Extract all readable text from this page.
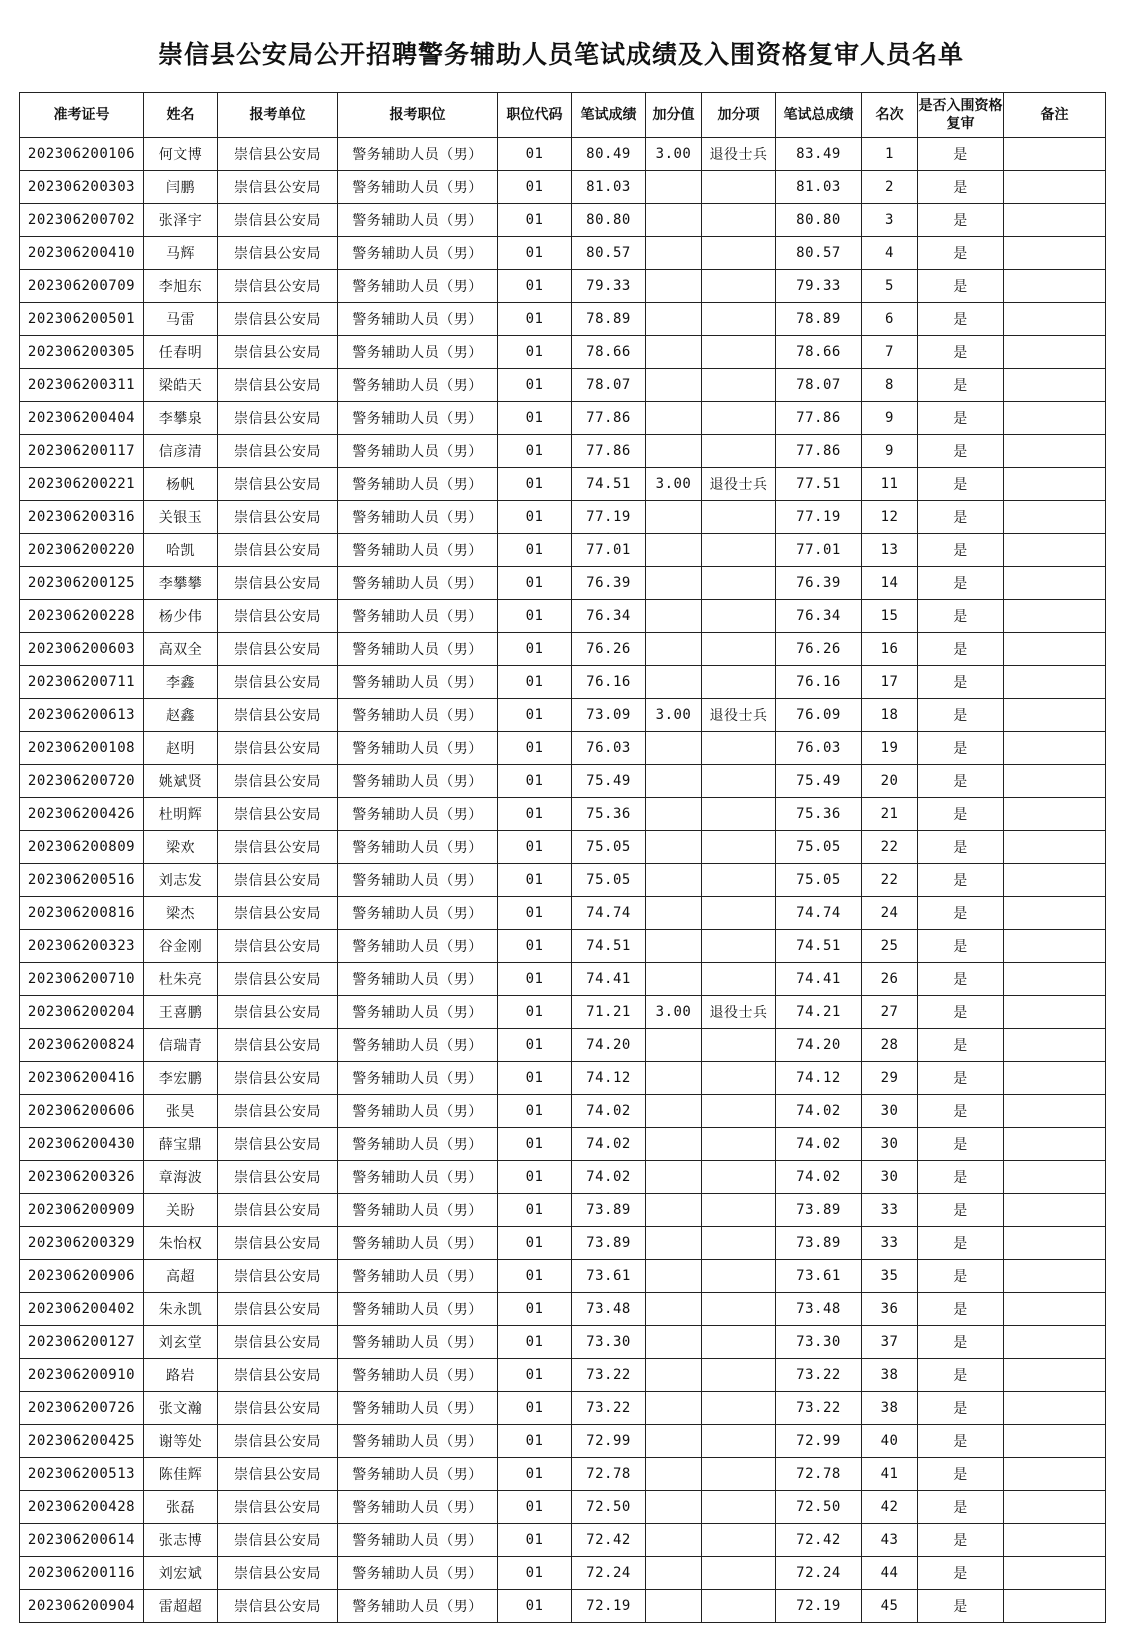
崇信县公安局公开招聘警务辅助人员笔试成绩及入围资格复审人员名单
准考证号	姓名	报考单位	报考职位	职位代码	笔试成绩	加分值	加分项	笔试总成绩	名次	是否入围资格复审	备注
202306200106	何文博	崇信县公安局	警务辅助人员（男）	01	80.49	3.00	退役士兵	83.49	1	是	
202306200303	闫鹏	崇信县公安局	警务辅助人员（男）	01	81.03			81.03	2	是	
202306200702	张泽宇	崇信县公安局	警务辅助人员（男）	01	80.80			80.80	3	是	
202306200410	马辉	崇信县公安局	警务辅助人员（男）	01	80.57			80.57	4	是	
202306200709	李旭东	崇信县公安局	警务辅助人员（男）	01	79.33			79.33	5	是	
202306200501	马雷	崇信县公安局	警务辅助人员（男）	01	78.89			78.89	6	是	
202306200305	任春明	崇信县公安局	警务辅助人员（男）	01	78.66			78.66	7	是	
202306200311	梁皓天	崇信县公安局	警务辅助人员（男）	01	78.07			78.07	8	是	
202306200404	李攀泉	崇信县公安局	警务辅助人员（男）	01	77.86			77.86	9	是	
202306200117	信彦清	崇信县公安局	警务辅助人员（男）	01	77.86			77.86	9	是	
202306200221	杨帆	崇信县公安局	警务辅助人员（男）	01	74.51	3.00	退役士兵	77.51	11	是	
202306200316	关银玉	崇信县公安局	警务辅助人员（男）	01	77.19			77.19	12	是	
202306200220	哈凯	崇信县公安局	警务辅助人员（男）	01	77.01			77.01	13	是	
202306200125	李攀攀	崇信县公安局	警务辅助人员（男）	01	76.39			76.39	14	是	
202306200228	杨少伟	崇信县公安局	警务辅助人员（男）	01	76.34			76.34	15	是	
202306200603	高双全	崇信县公安局	警务辅助人员（男）	01	76.26			76.26	16	是	
202306200711	李鑫	崇信县公安局	警务辅助人员（男）	01	76.16			76.16	17	是	
202306200613	赵鑫	崇信县公安局	警务辅助人员（男）	01	73.09	3.00	退役士兵	76.09	18	是	
202306200108	赵明	崇信县公安局	警务辅助人员（男）	01	76.03			76.03	19	是	
202306200720	姚斌贤	崇信县公安局	警务辅助人员（男）	01	75.49			75.49	20	是	
202306200426	杜明辉	崇信县公安局	警务辅助人员（男）	01	75.36			75.36	21	是	
202306200809	梁欢	崇信县公安局	警务辅助人员（男）	01	75.05			75.05	22	是	
202306200516	刘志发	崇信县公安局	警务辅助人员（男）	01	75.05			75.05	22	是	
202306200816	梁杰	崇信县公安局	警务辅助人员（男）	01	74.74			74.74	24	是	
202306200323	谷金刚	崇信县公安局	警务辅助人员（男）	01	74.51			74.51	25	是	
202306200710	杜朱亮	崇信县公安局	警务辅助人员（男）	01	74.41			74.41	26	是	
202306200204	王喜鹏	崇信县公安局	警务辅助人员（男）	01	71.21	3.00	退役士兵	74.21	27	是	
202306200824	信瑞青	崇信县公安局	警务辅助人员（男）	01	74.20			74.20	28	是	
202306200416	李宏鹏	崇信县公安局	警务辅助人员（男）	01	74.12			74.12	29	是	
202306200606	张昊	崇信县公安局	警务辅助人员（男）	01	74.02			74.02	30	是	
202306200430	薛宝鼎	崇信县公安局	警务辅助人员（男）	01	74.02			74.02	30	是	
202306200326	章海波	崇信县公安局	警务辅助人员（男）	01	74.02			74.02	30	是	
202306200909	关盼	崇信县公安局	警务辅助人员（男）	01	73.89			73.89	33	是	
202306200329	朱怡权	崇信县公安局	警务辅助人员（男）	01	73.89			73.89	33	是	
202306200906	高超	崇信县公安局	警务辅助人员（男）	01	73.61			73.61	35	是	
202306200402	朱永凯	崇信县公安局	警务辅助人员（男）	01	73.48			73.48	36	是	
202306200127	刘玄堂	崇信县公安局	警务辅助人员（男）	01	73.30			73.30	37	是	
202306200910	路岩	崇信县公安局	警务辅助人员（男）	01	73.22			73.22	38	是	
202306200726	张文瀚	崇信县公安局	警务辅助人员（男）	01	73.22			73.22	38	是	
202306200425	谢等处	崇信县公安局	警务辅助人员（男）	01	72.99			72.99	40	是	
202306200513	陈佳辉	崇信县公安局	警务辅助人员（男）	01	72.78			72.78	41	是	
202306200428	张磊	崇信县公安局	警务辅助人员（男）	01	72.50			72.50	42	是	
202306200614	张志博	崇信县公安局	警务辅助人员（男）	01	72.42			72.42	43	是	
202306200116	刘宏斌	崇信县公安局	警务辅助人员（男）	01	72.24			72.24	44	是	
202306200904	雷超超	崇信县公安局	警务辅助人员（男）	01	72.19			72.19	45	是	
